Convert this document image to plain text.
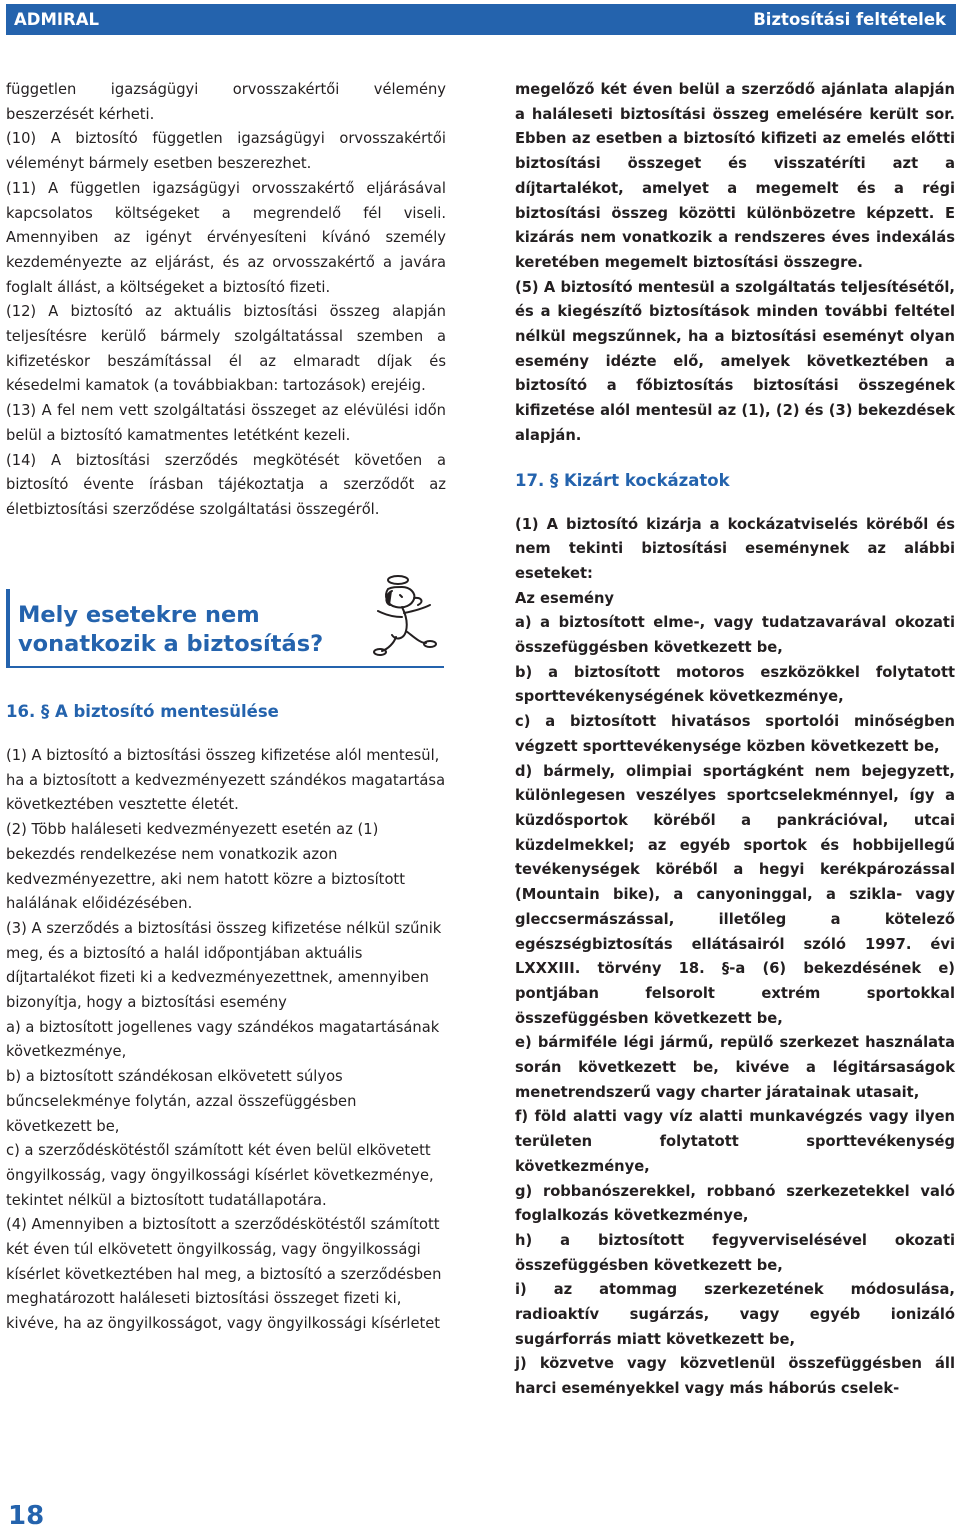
ADMIRAL	Biztosítási feltételek

független igazságügyi orvosszakértői vélemény beszerzését kérheti.

(10) A biztosító független igazságügyi orvosszakértői véleményt bármely esetben beszerezhet.

(11) A független igazságügyi orvosszakértő eljárásával kapcsolatos költségeket a megrendelő fél viseli. Amennyiben az igényt érvényesíteni kívánó személy kezdeményezte az eljárást, és az orvosszakértő a javára foglalt állást, a költségeket a biztosító fizeti.

(12) A biztosító az aktuális biztosítási összeg alapján teljesítésre kerülő bármely szolgáltatással szemben a kifizetéskor beszámítással él az elmaradt díjak és késedelmi kamatok (a továbbiakban: tartozások) erejéig.

(13) A fel nem vett szolgáltatási összeget az elévülési időn belül a biztosító kamatmentes letétként kezeli.

(14) A biztosítási szerződés megkötését követően a biztosító évente írásban tájékoztatja a szerződőt az életbiztosítási szerződése szolgáltatási összegéről.

Mely esetekre nem
vonatkozik a biztosítás?

16. § A biztosító mentesülése

(1) A biztosító a biztosítási összeg kifizetése alól mentesül, ha a biztosított a kedvezményezett szándékos magatartása következtében vesztette életét.

(2) Több haláleseti kedvezményezett esetén az (1) bekezdés rendelkezése nem vonatkozik azon kedvezményezettre, aki nem hatott közre a biztosított halálának előidézésében.

(3) A szerződés a biztosítási összeg kifizetése nélkül szűnik meg, és a biztosító a halál időpontjában aktuális díjtartalékot fizeti ki a kedvezményezettnek, amennyiben bizonyítja, hogy a biztosítási esemény

a) a biztosított jogellenes vagy szándékos magatartásának következménye,

b) a biztosított szándékosan elkövetett súlyos bűncselekménye folytán, azzal összefüggésben következett be,

c) a szerződéskötéstől számított két éven belül elkövetett öngyilkosság, vagy öngyilkossági kísérlet következménye, tekintet nélkül a biztosított tudatállapotára.

(4) Amennyiben a biztosított a szerződéskötéstől számított két éven túl elkövetett öngyilkosság, vagy öngyilkossági kísérlet következtében hal meg, a biztosító a szerződésben meghatározott haláleseti biztosítási összeget fizeti ki, kivéve, ha az öngyilkosságot, vagy öngyilkossági kísérletet

megelőző két éven belül a szerződő ajánlata alapján a haláleseti biztosítási összeg emelésére került sor. Ebben az esetben a biztosító kifizeti az emelés előtti biztosítási összeget és visszatéríti azt a díjtartalékot, amelyet a megemelt és a régi biztosítási összeg közötti különbözetre képzett. E kizárás nem vonatkozik a rendszeres éves indexálás keretében megemelt biztosítási összegre.

(5) A biztosító mentesül a szolgáltatás teljesítésétől, és a kiegészítő biztosítások minden további feltétel nélkül megszűnnek, ha a biztosítási eseményt olyan esemény idézte elő, amelyek következtében a biztosító a főbiztosítás biztosítási összegének kifizetése alól mentesül az (1), (2) és (3) bekezdések alapján.

17. § Kizárt kockázatok

(1) A biztosító kizárja a kockázatviselés köréből és nem tekinti biztosítási eseménynek az alábbi eseteket:

Az esemény

a) a biztosított elme-, vagy tudatzavarával okozati összefüggésben következett be,

b) a biztosított motoros eszközökkel folytatott sporttevékenységének következménye,

c) a biztosított hivatásos sportolói minőségben végzett sporttevékenysége közben következett be,

d) bármely, olimpiai sportágként nem bejegyzett, különlegesen veszélyes sportcselekménnyel, így a küzdősportok köréből a pankrációval, utcai küzdelmekkel; az egyéb sportok és hobbijellegű tevékenységek köréből a hegyi kerékpározással (Mountain bike), a canyoninggal, a szikla- vagy gleccsermászással, illetőleg a kötelező egészségbiztosítás ellátásairól szóló 1997. évi LXXXIII. törvény 18. §-a (6) bekezdésének e) pontjában felsorolt extrém sportokkal összefüggésben következett be,

e) bármiféle légi jármű, repülő szerkezet használata során következett be, kivéve a légitársaságok menetrendszerű vagy charter járatainak utasait,

f) föld alatti vagy víz alatti munkavégzés vagy ilyen területen folytatott sporttevékenység következménye,

g) robbanószerekkel, robbanó szerkezetekkel való foglalkozás következménye,

h) a biztosított fegyverviselésével okozati összefüggésben következett be,

i) az atommag szerkezetének módosulása, radioaktív sugárzás, vagy egyéb ionizáló sugárforrás miatt következett be,

j) közvetve vagy közvetlenül összefüggésben áll harci eseményekkel vagy más háborús cselek-

18
